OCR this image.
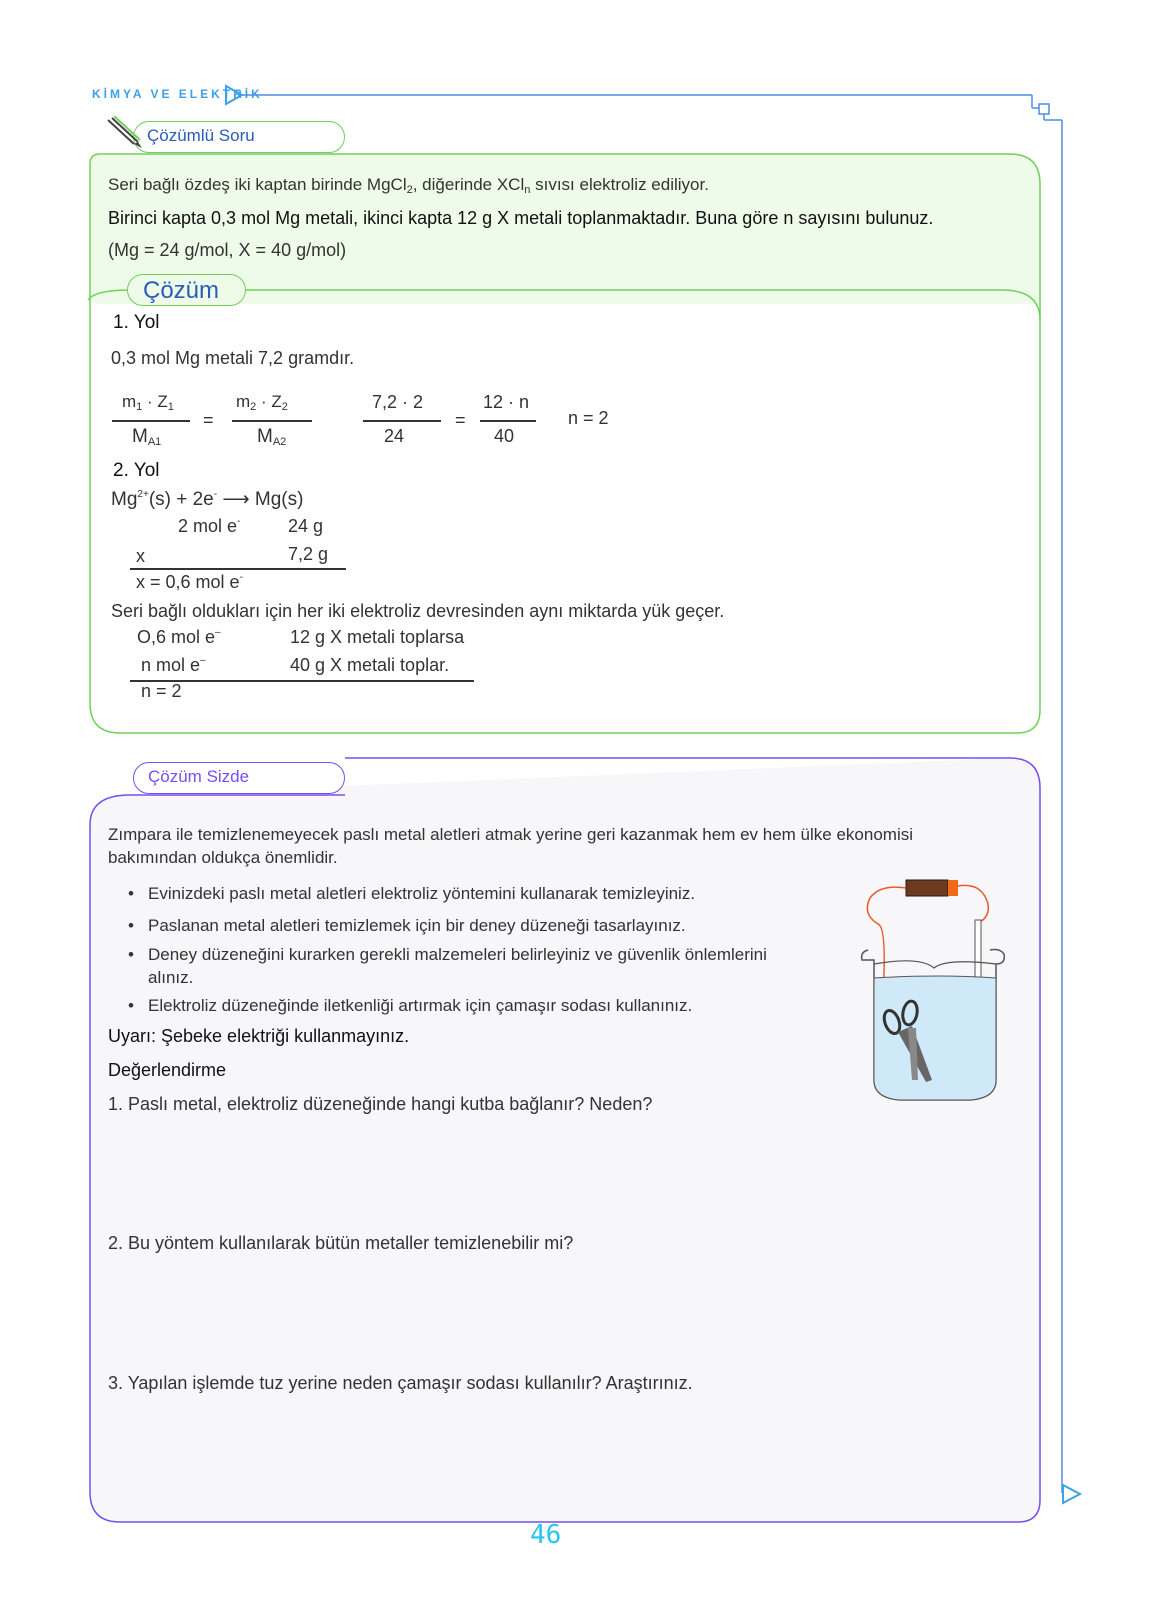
KİMYA VE ELEKTRİK
Çözümlü Soru
Seri bağlı özdeş iki kaptan birinde MgCl$_2$, diğerinde XCl$_n$ sıvısı elektroliz ediliyor.
Birinci kapta 0,3 mol Mg metali, ikinci kapta 12 g X metali toplanmaktadır. Buna göre n sayısını bulunuz.
(Mg = 24 g/mol, X = 40 g/mol)
Çözüm
1. Yol
0,3 mol Mg metali 7,2 gramdır.
$m_1 \cdot Z_1$
$M_{A1}$
=
$m_2 \cdot Z_2$
$M_{A2}$
7,2 · 2
24
=
12 · n
40
n = 2
2. Yol
$Mg^{2+}(s) + 2e^-$ ⟶ Mg(s)
2 mol e-	24 g
x	7,2 g
x = 0,6 mol e-
Seri bağlı oldukları için her iki elektroliz devresinden aynı miktarda yük geçer.
O,6 mol e–	12 g X metali toplarsa
n mol e–	40 g X metali toplar.
n = 2
Çözüm Sizde
Zımpara ile temizlenemeyecek paslı metal aletleri atmak yerine geri kazanmak hem ev hem ülke ekonomisi
bakımından oldukça önemlidir.
• Evinizdeki paslı metal aletleri elektroliz yöntemini kullanarak temizleyiniz.
• Paslanan metal aletleri temizlemek için bir deney düzeneği tasarlayınız.
• Deney düzeneğini kurarken gerekli malzemeleri belirleyiniz ve güvenlik önlemlerini
alınız.
• Elektroliz düzeneğinde iletkenliği artırmak için çamaşır sodası kullanınız.
Uyarı: Şebeke elektriği kullanmayınız.
Değerlendirme
1. Paslı metal, elektroliz düzeneğinde hangi kutba bağlanır? Neden?
2. Bu yöntem kullanılarak bütün metaller temizlenebilir mi?
3. Yapılan işlemde tuz yerine neden çamaşır sodası kullanılır? Araştırınız.
46
